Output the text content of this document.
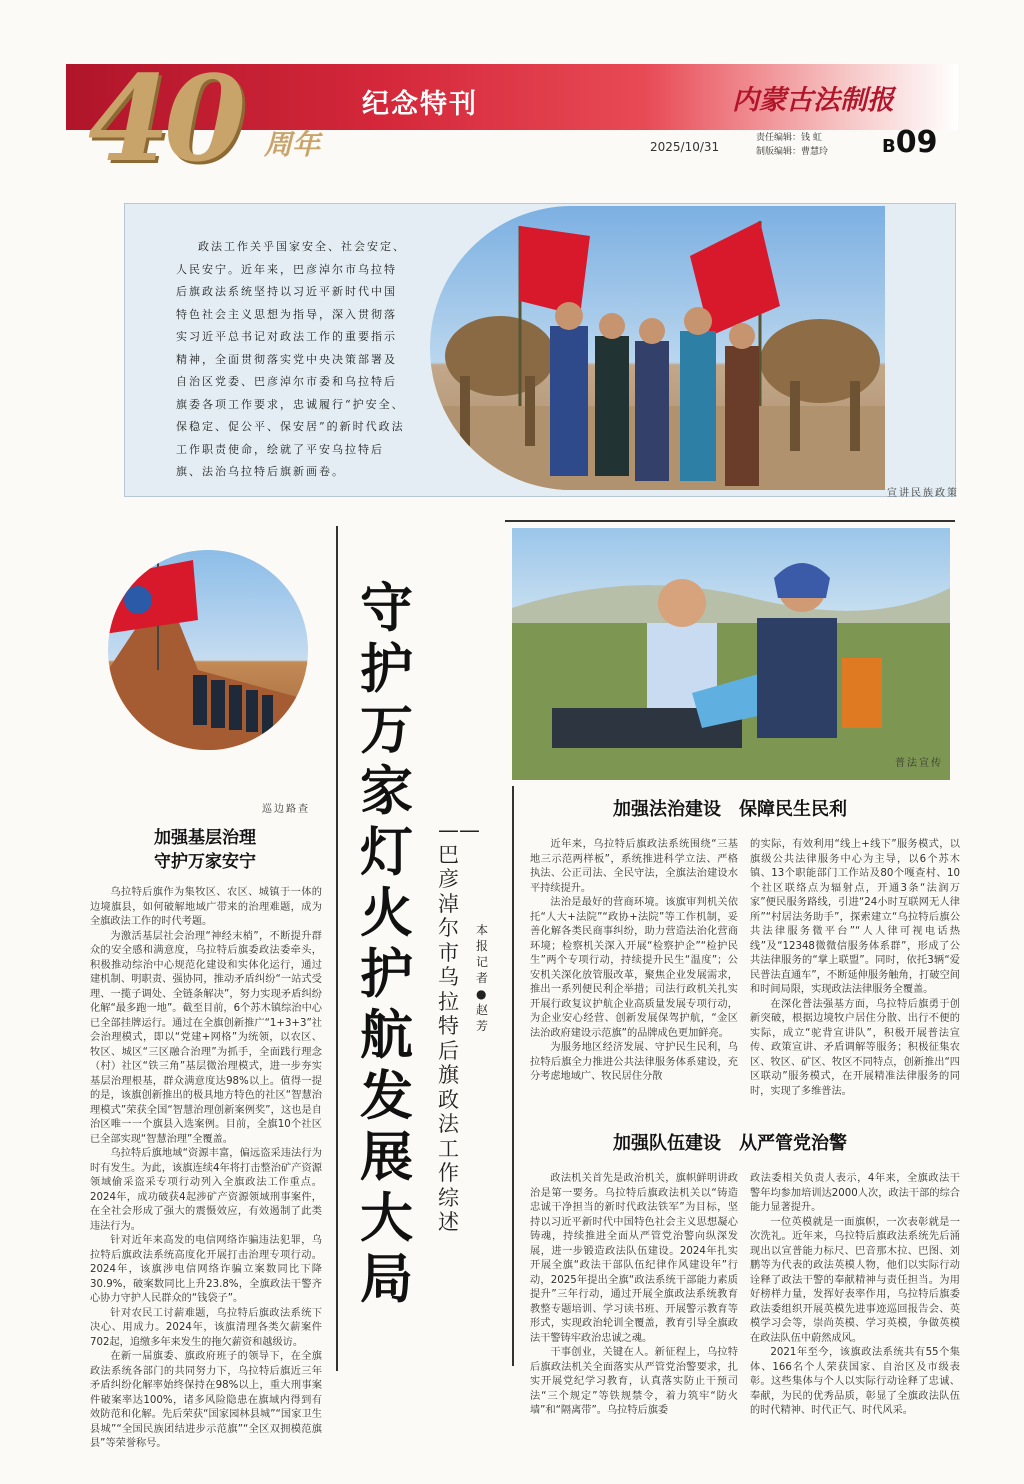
40 周年
纪念特刊	内蒙古法制报
2025/10/31
责任编辑：钱 虹
制版编辑：曹慧玲	B09
政法工作关乎国家安全、社会安定、人民安宁。近年来，巴彦淖尔市乌拉特后旗政法系统坚持以习近平新时代中国特色社会主义思想为指导，深入贯彻落实习近平总书记对政法工作的重要指示精神，全面贯彻落实党中央决策部署及自治区党委、巴彦淖尔市委和乌拉特后旗委各项工作要求，忠诚履行“护安全、保稳定、促公平、保安居”的新时代政法工作职责使命，绘就了平安乌拉特后旗、法治乌拉特后旗新画卷。
宣讲民族政策
巡边路查
加强基层治理
守护万家安宁

乌拉特后旗作为集牧区、农区、城镇于一体的边境旗县，如何破解地域广带来的治理难题，成为全旗政法工作的时代考题。

为激活基层社会治理“神经末梢”，不断提升群众的安全感和满意度，乌拉特后旗委政法委牵头，积极推动综治中心规范化建设和实体化运行，通过建机制、明职责、强协同，推动矛盾纠纷“一站式受理、一揽子调处、全链条解决”，努力实现矛盾纠纷化解“最多跑一地”。截至目前，6个苏木镇综治中心已全部挂牌运行。通过在全旗创新推广“1+3+3”社会治理模式，即以“党建+网格”为统领，以农区、牧区、城区“三区融合治理”为抓手，全面践行理念（村）社区“铁三角”基层微治理模式，进一步夯实基层治理根基，群众满意度达98%以上。值得一提的是，该旗创新推出的极具地方特色的社区“智慧治理模式”荣获全国“智慧治理创新案例奖”，这也是自治区唯一一个旗县入选案例。目前，全旗10个社区已全部实现“智慧治理”全覆盖。

乌拉特后旗地域“资源丰富，偏远盗采违法行为时有发生。为此，该旗连续4年将打击整治矿产资源领域偷采盗采专项行动列入全旗政法工作重点。2024年，成功破获4起涉矿产资源领域刑事案件，在全社会形成了强大的震慑效应，有效遏制了此类违法行为。

针对近年来高发的电信网络诈骗违法犯罪，乌拉特后旗政法系统高度化开展打击治理专项行动。2024年，该旗涉电信网络诈骗立案数同比下降30.9%，破案数同比上升23.8%，全旗政法干警齐心协力守护人民群众的“钱袋子”。

针对农民工讨薪难题，乌拉特后旗政法系统下决心、用成力。2024年，该旗清理各类欠薪案件702起，追缴多年来发生的拖欠薪资和越级访。

在新一届旗委、旗政府班子的领导下，在全旗政法系统各部门的共同努力下，乌拉特后旗近三年矛盾纠纷化解率始终保持在98%以上，重大刑事案件破案率达100%，诸多风险隐患在旗域内得到有效防范和化解。先后荣获“国家园林县城”“国家卫生县城”“全国民族团结进步示范旗”“全区双拥模范旗县”等荣誉称号。

守护万家灯火 护航发展大局
——巴彦淖尔市乌拉特后旗政法工作综述
本报记者●赵芳
普法宣传
加强法治建设　保障民生民利

近年来，乌拉特后旗政法系统围绕“三基地三示范两样板”，系统推进科学立法、严格执法、公正司法、全民守法，全旗法治建设水平持续提升。

法治是最好的营商环境。该旗审判机关依托“人大+法院”“政协+法院”等工作机制，妥善化解各类民商事纠纷，助力营造法治化营商环境；检察机关深入开展“检察护企”“检护民生”两个专项行动，持续提升民生“温度”；公安机关深化放管服改革，聚焦企业发展需求，推出一系列便民利企举措；司法行政机关扎实开展行政复议护航企业高质量发展专项行动，为企业安心经营、创新发展保驾护航，“金区法治政府建设示范旗”的品牌成色更加鲜亮。

为服务地区经济发展、守护民生民利，乌拉特后旗全力推进公共法律服务体系建设，充分考虑地域广、牧民居住分散

的实际，有效利用“线上+线下”服务模式，以旗级公共法律服务中心为主导，以6个苏木镇、13个职能部门工作站及80个嘎查村、10个社区联络点为辐射点，开通3条“法润万家”便民服务路线，引进“24小时互联网无人律所”“村居法务助手”，探索建立“乌拉特后旗公共法律服务微平台”“人人律可视电话热线”及“12348微微信服务体系群”，形成了公共法律服务的“掌上联盟”。同时，依托3辆“爱民普法直通车”，不断延伸服务触角，打破空间和时间局限，实现政法法律服务全覆盖。

在深化普法强基方面，乌拉特后旗勇于创新突破，根据边境牧户居住分散、出行不便的实际，成立“驼背宣讲队”，积极开展普法宣传、政策宣讲、矛盾调解等服务；积极征集农区、牧区、矿区、牧区不同特点，创新推出“四区联动”服务模式，在开展精准法律服务的同时，实现了多维普法。

加强队伍建设　从严管党治警

政法机关首先是政治机关，旗帜鲜明讲政治是第一要务。乌拉特后旗政法机关以“铸造忠诚干净担当的新时代政法铁军”为目标，坚持以习近平新时代中国特色社会主义思想凝心铸魂，持续推进全面从严管党治警向纵深发展，进一步锻造政法队伍建设。2024年扎实开展全旗“政法干部队伍纪律作风建设年”行动，2025年提出全旗“政法系统干部能力素质提升”三年行动，通过开展全旗政法系统教育教整专题培训、学习读书班、开展警示教育等形式，实现政治轮训全覆盖，教育引导全旗政法干警铸牢政治忠诚之魂。

干事创业，关键在人。新征程上，乌拉特后旗政法机关全面落实从严管党治警要求，扎实开展党纪学习教育，认真落实防止干预司法“三个规定”等铁规禁令，着力筑牢“防火墙”和“隔离带”。乌拉特后旗委

政法委相关负责人表示，4年来，全旗政法干警年均参加培训达2000人次，政法干部的综合能力显著提升。

一位英模就是一面旗帜，一次表彰就是一次洗礼。近年来，乌拉特后旗政法系统先后涌现出以宣普能力标尺、巴音那木拉、巴图、刘鹏等为代表的政法英模人物，他们以实际行动诠释了政法干警的奉献精神与责任担当。为用好榜样力量，发挥好表率作用，乌拉特后旗委政法委组织开展英模先进事迹巡回报告会、英模学习会等，崇尚英模、学习英模，争做英模在政法队伍中蔚然成风。

2021年至今，该旗政法系统共有55个集体、166名个人荣获国家、自治区及市级表彰。这些集体与个人以实际行动诠释了忠诚、奉献，为民的优秀品质，彰显了全旗政法队伍的时代精神、时代正气、时代风采。
